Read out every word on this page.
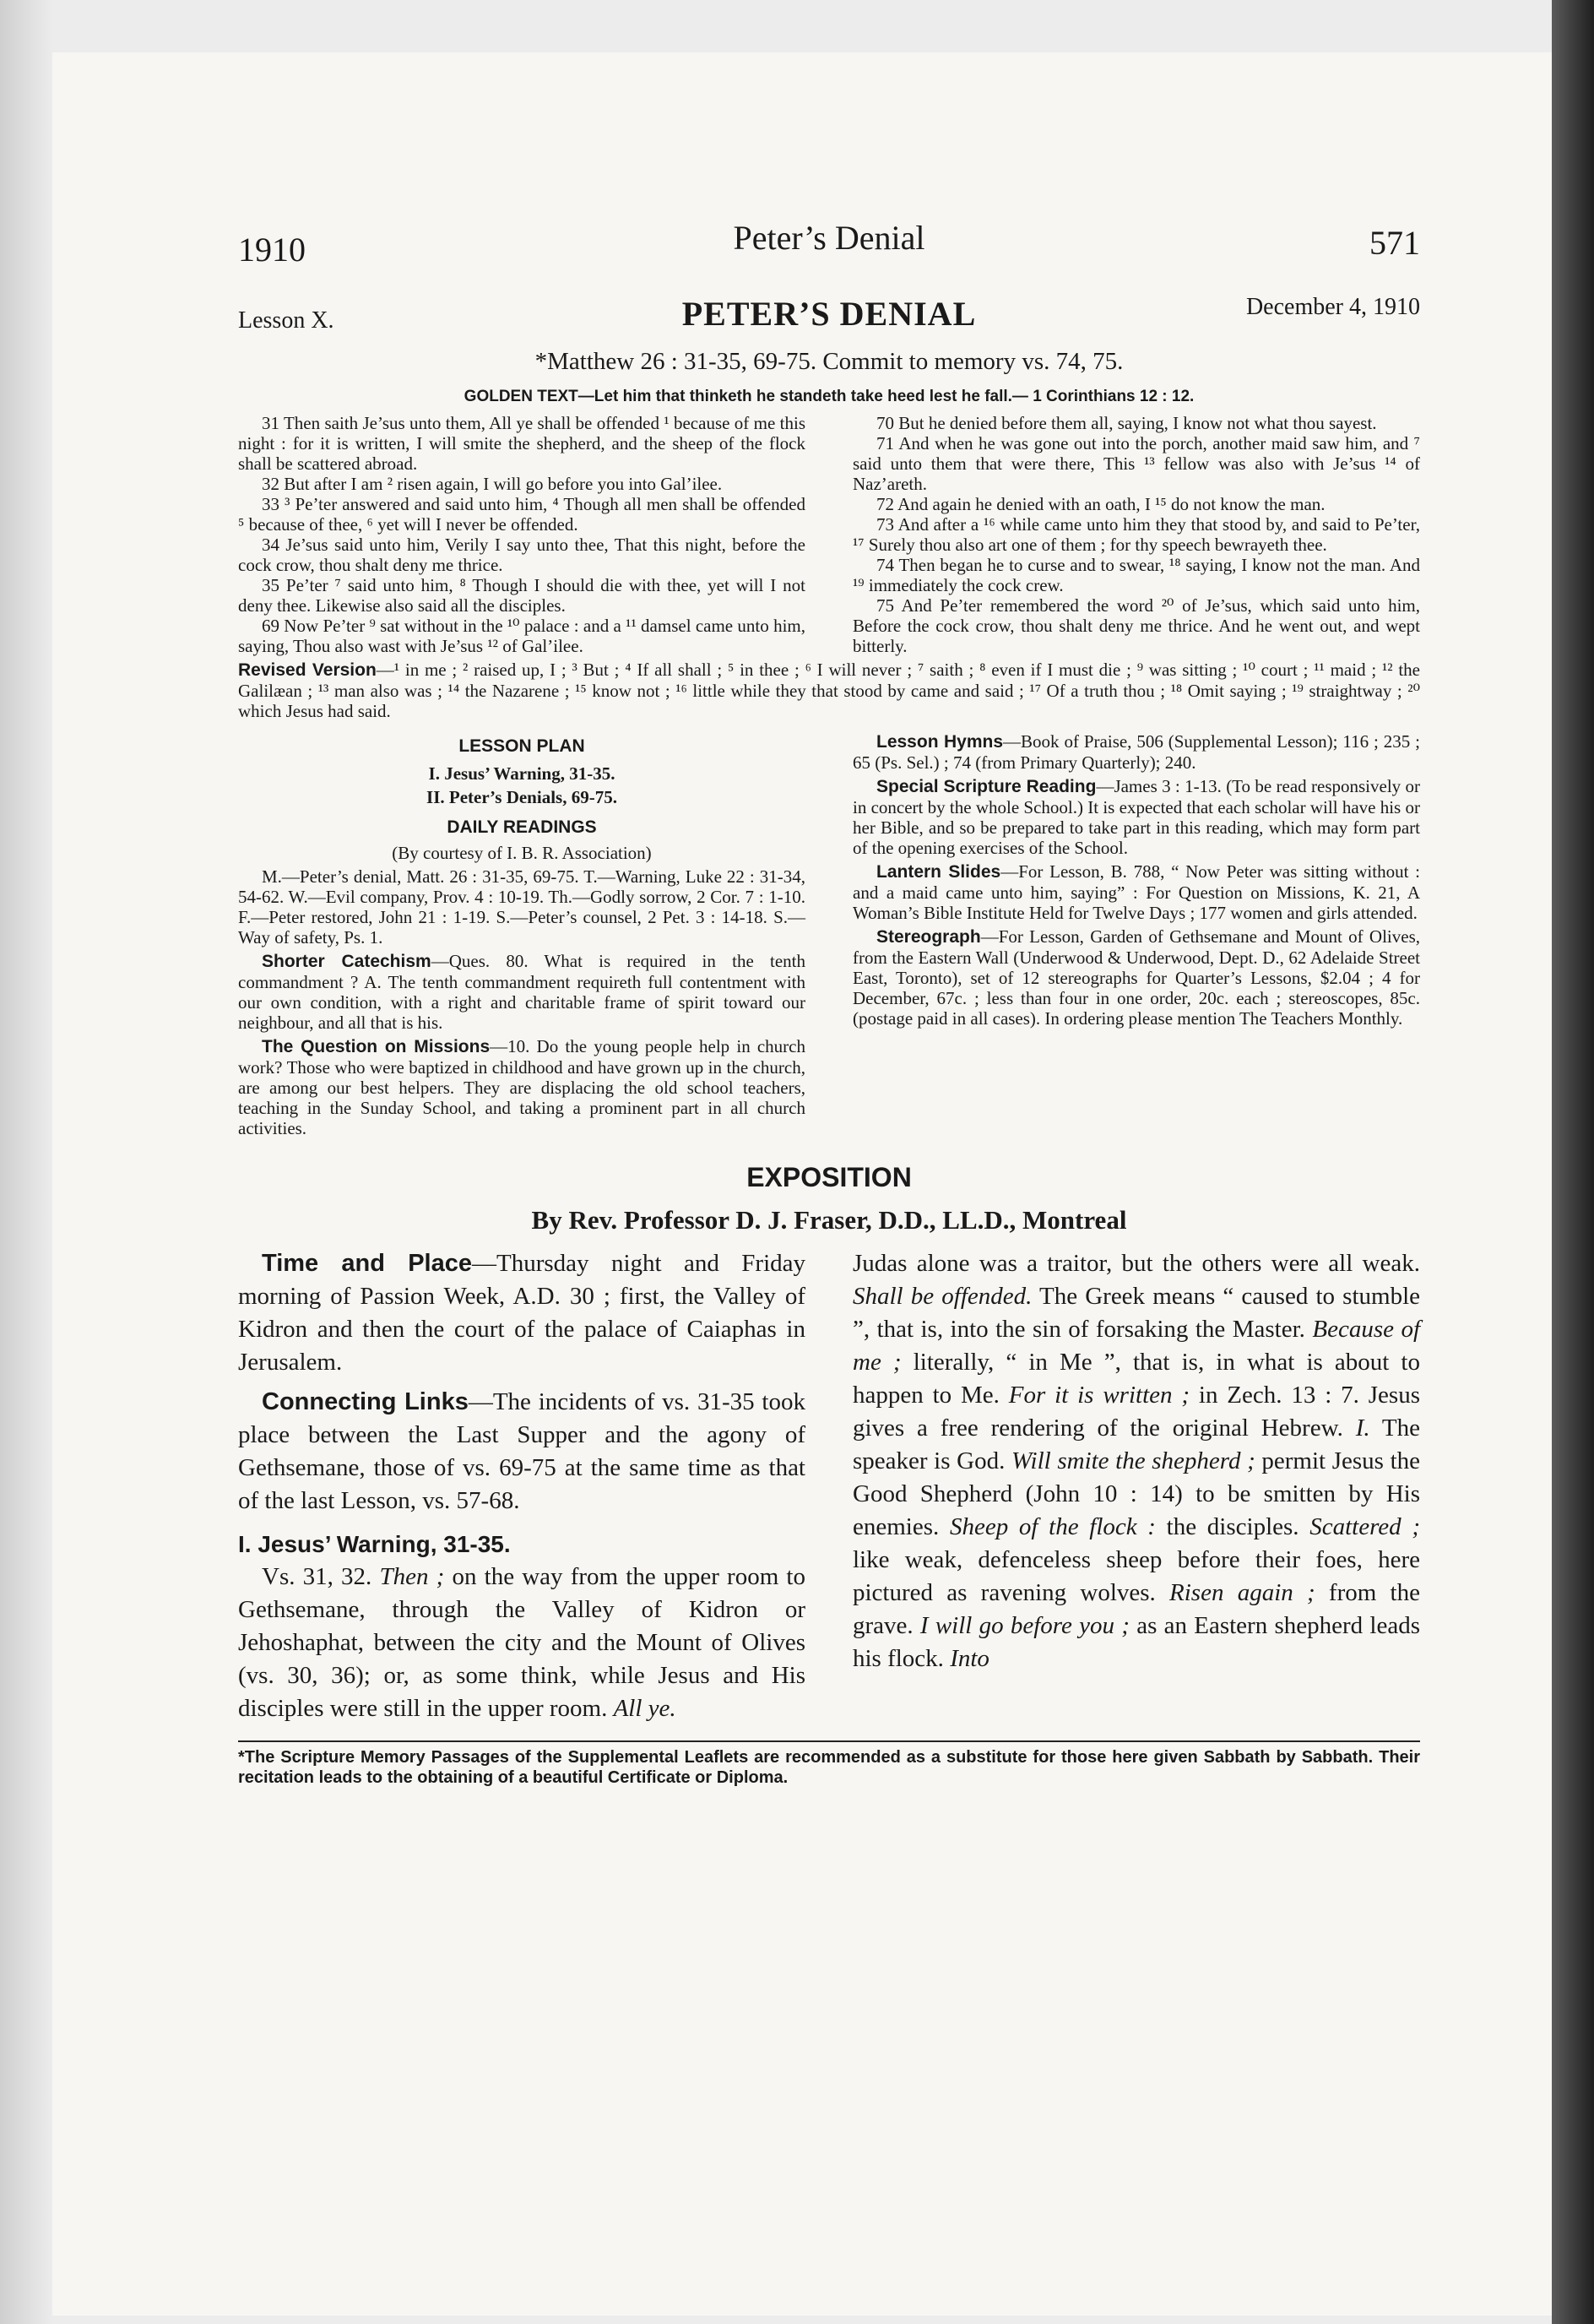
1910	Peter’s Denial	571
Lesson X.	PETER’S DENIAL	December 4, 1910
*Matthew 26 : 31-35, 69-75. Commit to memory vs. 74, 75.
GOLDEN TEXT—Let him that thinketh he standeth take heed lest he fall.— 1 Corinthians 12 : 12.

31 Then saith Je’sus unto them, All ye shall be offended ¹ because of me this night : for it is written, I will smite the shepherd, and the sheep of the flock shall be scattered abroad.

32 But after I am ² risen again, I will go before you into Gal’ilee.

33 ³ Pe’ter answered and said unto him, ⁴ Though all men shall be offended ⁵ because of thee, ⁶ yet will I never be offended.

34 Je’sus said unto him, Verily I say unto thee, That this night, before the cock crow, thou shalt deny me thrice.

35 Pe’ter ⁷ said unto him, ⁸ Though I should die with thee, yet will I not deny thee. Likewise also said all the disciples.

69 Now Pe’ter ⁹ sat without in the ¹⁰ palace : and a ¹¹ damsel came unto him, saying, Thou also wast with Je’sus ¹² of Gal’ilee.

70 But he denied before them all, saying, I know not what thou sayest.

71 And when he was gone out into the porch, another maid saw him, and ⁷ said unto them that were there, This ¹³ fellow was also with Je’sus ¹⁴ of Naz’areth.

72 And again he denied with an oath, I ¹⁵ do not know the man.

73 And after a ¹⁶ while came unto him they that stood by, and said to Pe’ter, ¹⁷ Surely thou also art one of them ; for thy speech bewrayeth thee.

74 Then began he to curse and to swear, ¹⁸ saying, I know not the man. And ¹⁹ immediately the cock crew.

75 And Pe’ter remembered the word ²⁰ of Je’sus, which said unto him, Before the cock crow, thou shalt deny me thrice. And he went out, and wept bitterly.

Revised Version—¹ in me ; ² raised up, I ; ³ But ; ⁴ If all shall ; ⁵ in thee ; ⁶ I will never ; ⁷ saith ; ⁸ even if I must die ; ⁹ was sitting ; ¹⁰ court ; ¹¹ maid ; ¹² the Galilæan ; ¹³ man also was ; ¹⁴ the Nazarene ; ¹⁵ know not ; ¹⁶ little while they that stood by came and said ; ¹⁷ Of a truth thou ; ¹⁸ Omit saying ; ¹⁹ straightway ; ²⁰ which Jesus had said.
LESSON PLAN
I. Jesus’ Warning, 31-35.
II. Peter’s Denials, 69-75.
DAILY READINGS
(By courtesy of I. B. R. Association)
M.—Peter’s denial, Matt. 26 : 31-35, 69-75. T.—Warning, Luke 22 : 31-34, 54-62. W.—Evil company, Prov. 4 : 10-19. Th.—Godly sorrow, 2 Cor. 7 : 1-10. F.—Peter restored, John 21 : 1-19. S.—Peter’s counsel, 2 Pet. 3 : 14-18. S.—Way of safety, Ps. 1.
Shorter Catechism—Ques. 80. What is required in the tenth commandment ? A. The tenth commandment requireth full contentment with our own condition, with a right and charitable frame of spirit toward our neighbour, and all that is his.
The Question on Missions—10. Do the young people help in church work? Those who were baptized in childhood and have grown up in the church, are among our best helpers. They are displacing the old school teachers, teaching in the Sunday School, and taking a prominent part in all church activities.
Lesson Hymns—Book of Praise, 506 (Supplemental Lesson); 116 ; 235 ; 65 (Ps. Sel.) ; 74 (from Primary Quarterly); 240.
Special Scripture Reading—James 3 : 1-13. (To be read responsively or in concert by the whole School.) It is expected that each scholar will have his or her Bible, and so be prepared to take part in this reading, which may form part of the opening exercises of the School.
Lantern Slides—For Lesson, B. 788, “ Now Peter was sitting without : and a maid came unto him, saying” : For Question on Missions, K. 21, A Woman’s Bible Institute Held for Twelve Days ; 177 women and girls attended.
Stereograph—For Lesson, Garden of Gethsemane and Mount of Olives, from the Eastern Wall (Underwood & Underwood, Dept. D., 62 Adelaide Street East, Toronto), set of 12 stereographs for Quarter’s Lessons, $2.04 ; 4 for December, 67c. ; less than four in one order, 20c. each ; stereoscopes, 85c. (postage paid in all cases). In ordering please mention The Teachers Monthly.
EXPOSITION
By Rev. Professor D. J. Fraser, D.D., LL.D., Montreal

Time and Place—Thursday night and Friday morning of Passion Week, A.D. 30 ; first, the Valley of Kidron and then the court of the palace of Caiaphas in Jerusalem.

Connecting Links—The incidents of vs. 31-35 took place between the Last Supper and the agony of Gethsemane, those of vs. 69-75 at the same time as that of the last Lesson, vs. 57-68.

I. Jesus’ Warning, 31-35.

Vs. 31, 32. Then ; on the way from the upper room to Gethsemane, through the Valley of Kidron or Jehoshaphat, between the city and the Mount of Olives (vs. 30, 36); or, as some think, while Jesus and His disciples were still in the upper room. All ye.

Judas alone was a traitor, but the others were all weak. Shall be offended. The Greek means “ caused to stumble ”, that is, into the sin of forsaking the Master. Because of me ; literally, “ in Me ”, that is, in what is about to happen to Me. For it is written ; in Zech. 13 : 7. Jesus gives a free rendering of the original Hebrew. I. The speaker is God. Will smite the shepherd ; permit Jesus the Good Shepherd (John 10 : 14) to be smitten by His enemies. Sheep of the flock : the disciples. Scattered ; like weak, defenceless sheep before their foes, here pictured as ravening wolves. Risen again ; from the grave. I will go before you ; as an Eastern shepherd leads his flock. Into

*The Scripture Memory Passages of the Supplemental Leaflets are recommended as a substitute for those here given Sabbath by Sabbath. Their recitation leads to the obtaining of a beautiful Certificate or Diploma.
